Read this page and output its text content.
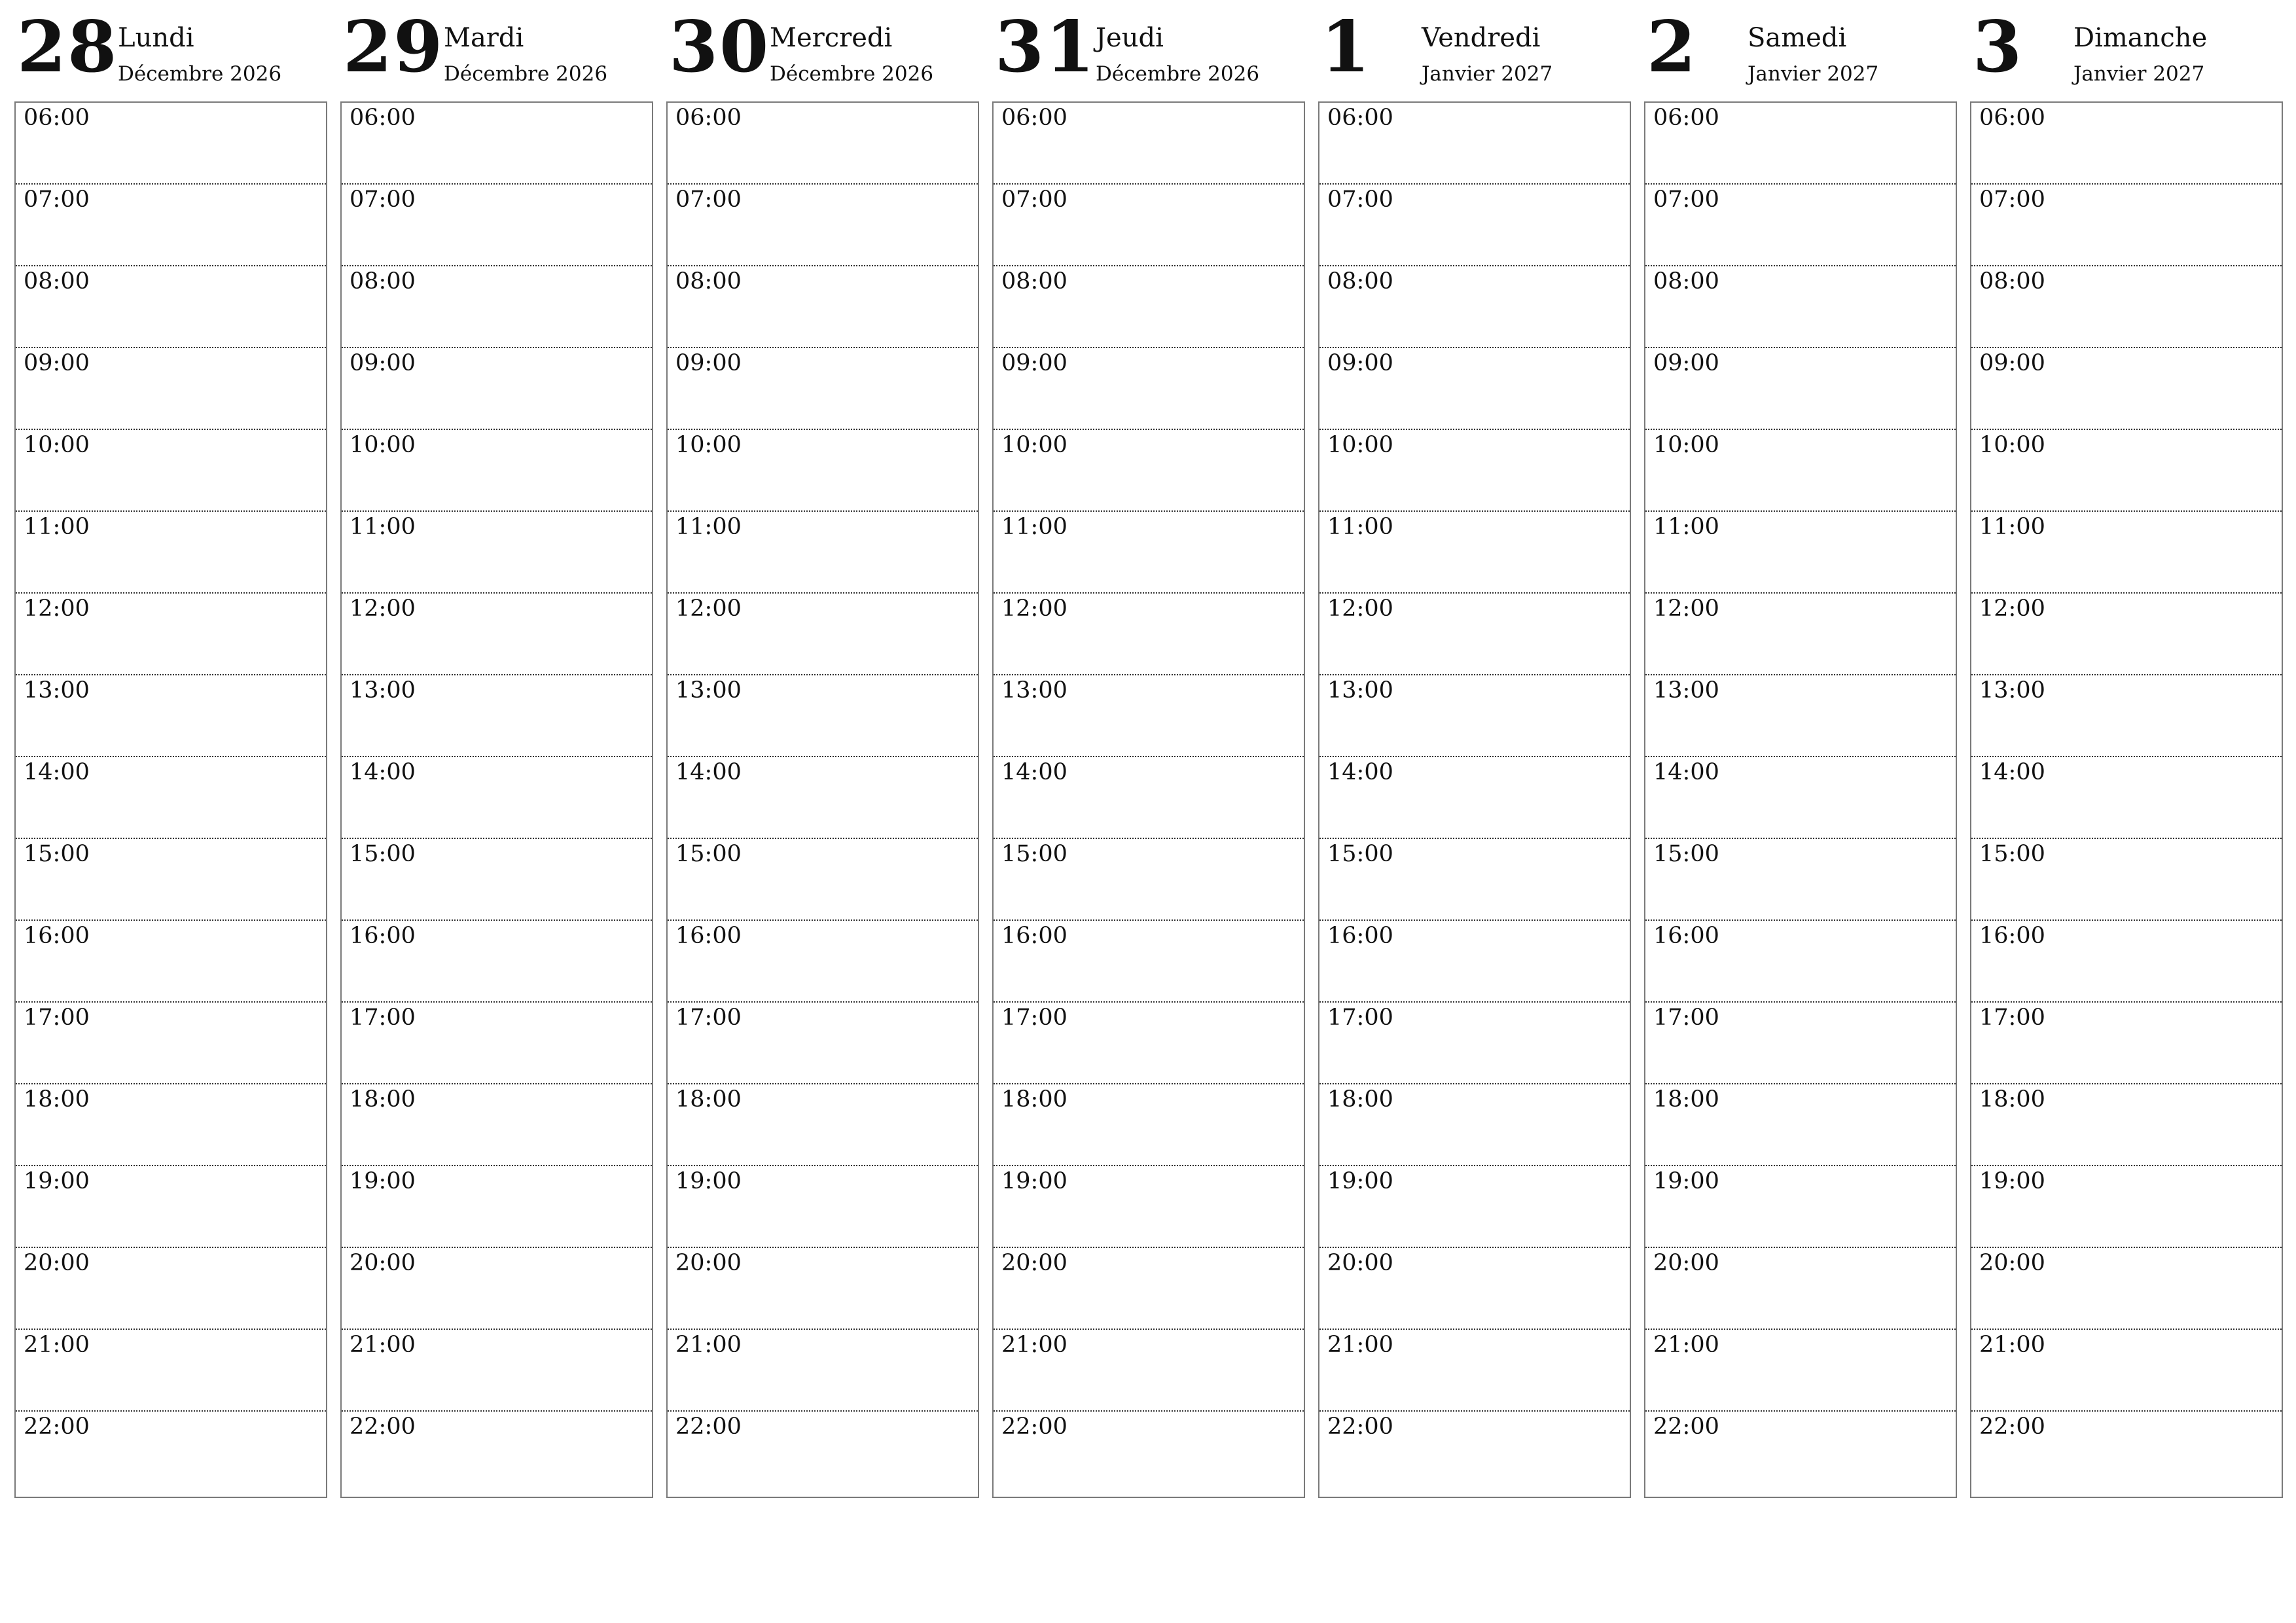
28 Lundi
Décembre 2026
06:00
07:00
08:00
09:00
10:00
11:00
12:00
13:00
14:00
15:00
16:00
17:00
18:00
19:00
20:00
21:00
22:00
29 Mardi
Décembre 2026
06:00
07:00
08:00
09:00
10:00
11:00
12:00
13:00
14:00
15:00
16:00
17:00
18:00
19:00
20:00
21:00
22:00
30 Mercredi
Décembre 2026
06:00
07:00
08:00
09:00
10:00
11:00
12:00
13:00
14:00
15:00
16:00
17:00
18:00
19:00
20:00
21:00
22:00
31 Jeudi
Décembre 2026
06:00
07:00
08:00
09:00
10:00
11:00
12:00
13:00
14:00
15:00
16:00
17:00
18:00
19:00
20:00
21:00
22:00
1 Vendredi
Janvier 2027
06:00
07:00
08:00
09:00
10:00
11:00
12:00
13:00
14:00
15:00
16:00
17:00
18:00
19:00
20:00
21:00
22:00
2 Samedi
Janvier 2027
06:00
07:00
08:00
09:00
10:00
11:00
12:00
13:00
14:00
15:00
16:00
17:00
18:00
19:00
20:00
21:00
22:00
3 Dimanche
Janvier 2027
06:00
07:00
08:00
09:00
10:00
11:00
12:00
13:00
14:00
15:00
16:00
17:00
18:00
19:00
20:00
21:00
22:00
